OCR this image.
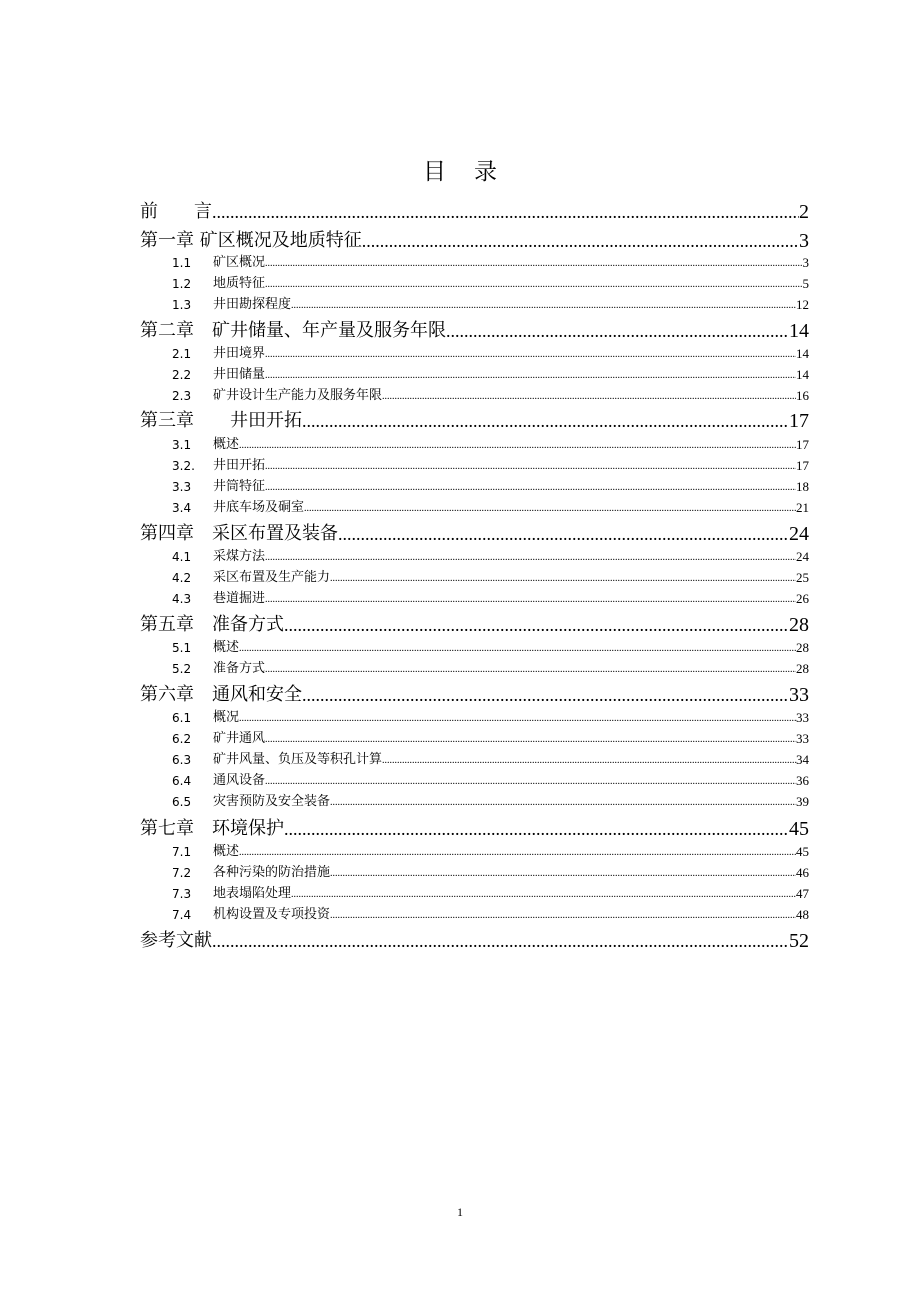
目 录
前　　言 .....	2
第一章 矿区概况及地质特征 .....	3
1.1	矿区概况 .....	3
1.2	地质特征 .....	5
1.3	井田勘探程度 .....	12
第二章　矿井储量、年产量及服务年限 .....	14
2.1	井田境界 .....	14
2.2	井田储量 .....	14
2.3	矿井设计生产能力及服务年限 .....	16
第三章　　井田开拓 .....	17
3.1	概述 .....	17
3.2.	井田开拓 .....	17
3.3	井筒特征 .....	18
3.4	井底车场及硐室 .....	21
第四章　采区布置及装备 .....	24
4.1	采煤方法 .....	24
4.2	采区布置及生产能力 .....	25
4.3	巷道掘进 .....	26
第五章　准备方式 .....	28
5.1	概述 .....	28
5.2	准备方式 .....	28
第六章　通风和安全 .....	33
6.1	概况 .....	33
6.2	矿井通风 .....	33
6.3	矿井风量、负压及等积孔计算 .....	34
6.4	通风设备 .....	36
6.5	灾害预防及安全装备 .....	39
第七章　环境保护 .....	45
7.1	概述 .....	45
7.2	各种污染的防治措施 .....	46
7.3	地表塌陷处理 .....	47
7.4	机构设置及专项投资 .....	48
参考文献 .....	52
1
